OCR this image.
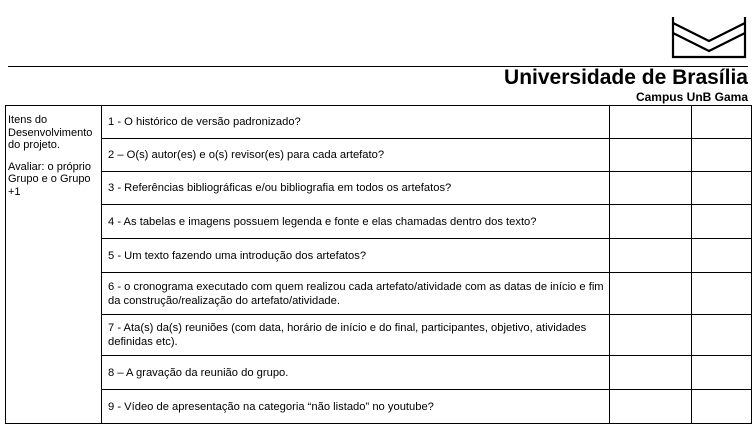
Universidade de Brasília
Campus UnB Gama

Itens do Desenvolvimento do projeto.

Avaliar: o próprio Grupo e o Grupo +1	1 - O histórico de versão padronizado?		
	2 – O(s) autor(es) e o(s) revisor(es) para cada artefato?		
	3 - Referências bibliográficas e/ou bibliografia em todos os artefatos?		
	4 - As tabelas e imagens possuem legenda e fonte e elas chamadas dentro dos texto?		
	5 - Um texto fazendo uma introdução dos artefatos?		
	6 - o cronograma executado com quem realizou cada artefato/atividade com as datas de início e fim da construção/realização do artefato/atividade.		
	7 - Ata(s) da(s) reuniões (com data, horário de início e do final, participantes, objetivo, atividades definidas etc).		
	8 – A gravação da reunião do grupo.		
	9 - Vídeo de apresentação na categoria “não listado” no youtube?		
